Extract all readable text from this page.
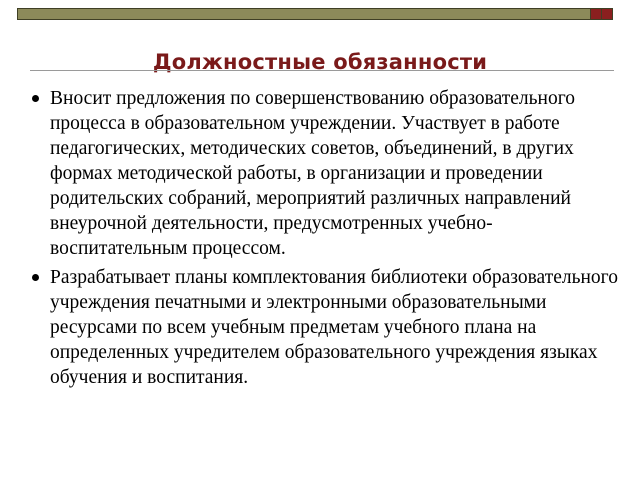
Должностные обязанности
Вносит предложения по совершенствованию образовательного процесса в образовательном учреждении. Участвует в работе педагогических, методических советов, объединений, в других формах методической работы, в организации и проведении родительских собраний, мероприятий различных направлений внеурочной деятельности, предусмотренных учебно-воспитательным процессом.
Разрабатывает планы комплектования библиотеки образовательного учреждения печатными и электронными образовательными ресурсами по всем учебным предметам учебного плана на определенных учредителем образовательного учреждения языках обучения и воспитания.
